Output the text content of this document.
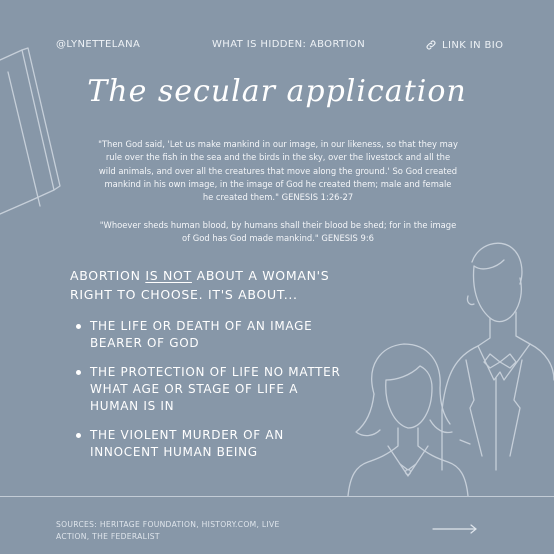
@LYNETTELANA	WHAT IS HIDDEN: ABORTION	LINK IN BIO
The secular application
"Then God said, 'Let us make mankind in our image, in our likeness, so that they may rule over the fish in the sea and the birds in the sky, over the livestock and all the wild animals, and over all the creatures that move along the ground.' So God created mankind in his own image, in the image of God he created them; male and female he created them." GENESIS 1:26-27
"Whoever sheds human blood, by humans shall their blood be shed; for in the image of God has God made mankind." GENESIS 9:6
ABORTION IS NOT ABOUT A WOMAN'S RIGHT TO CHOOSE. IT'S ABOUT...
THE LIFE OR DEATH OF AN IMAGE BEARER OF GOD
THE PROTECTION OF LIFE NO MATTER WHAT AGE OR STAGE OF LIFE A HUMAN IS IN
THE VIOLENT MURDER OF AN INNOCENT HUMAN BEING
SOURCES: HERITAGE FOUNDATION, HISTORY.COM, LIVE ACTION, THE FEDERALIST
